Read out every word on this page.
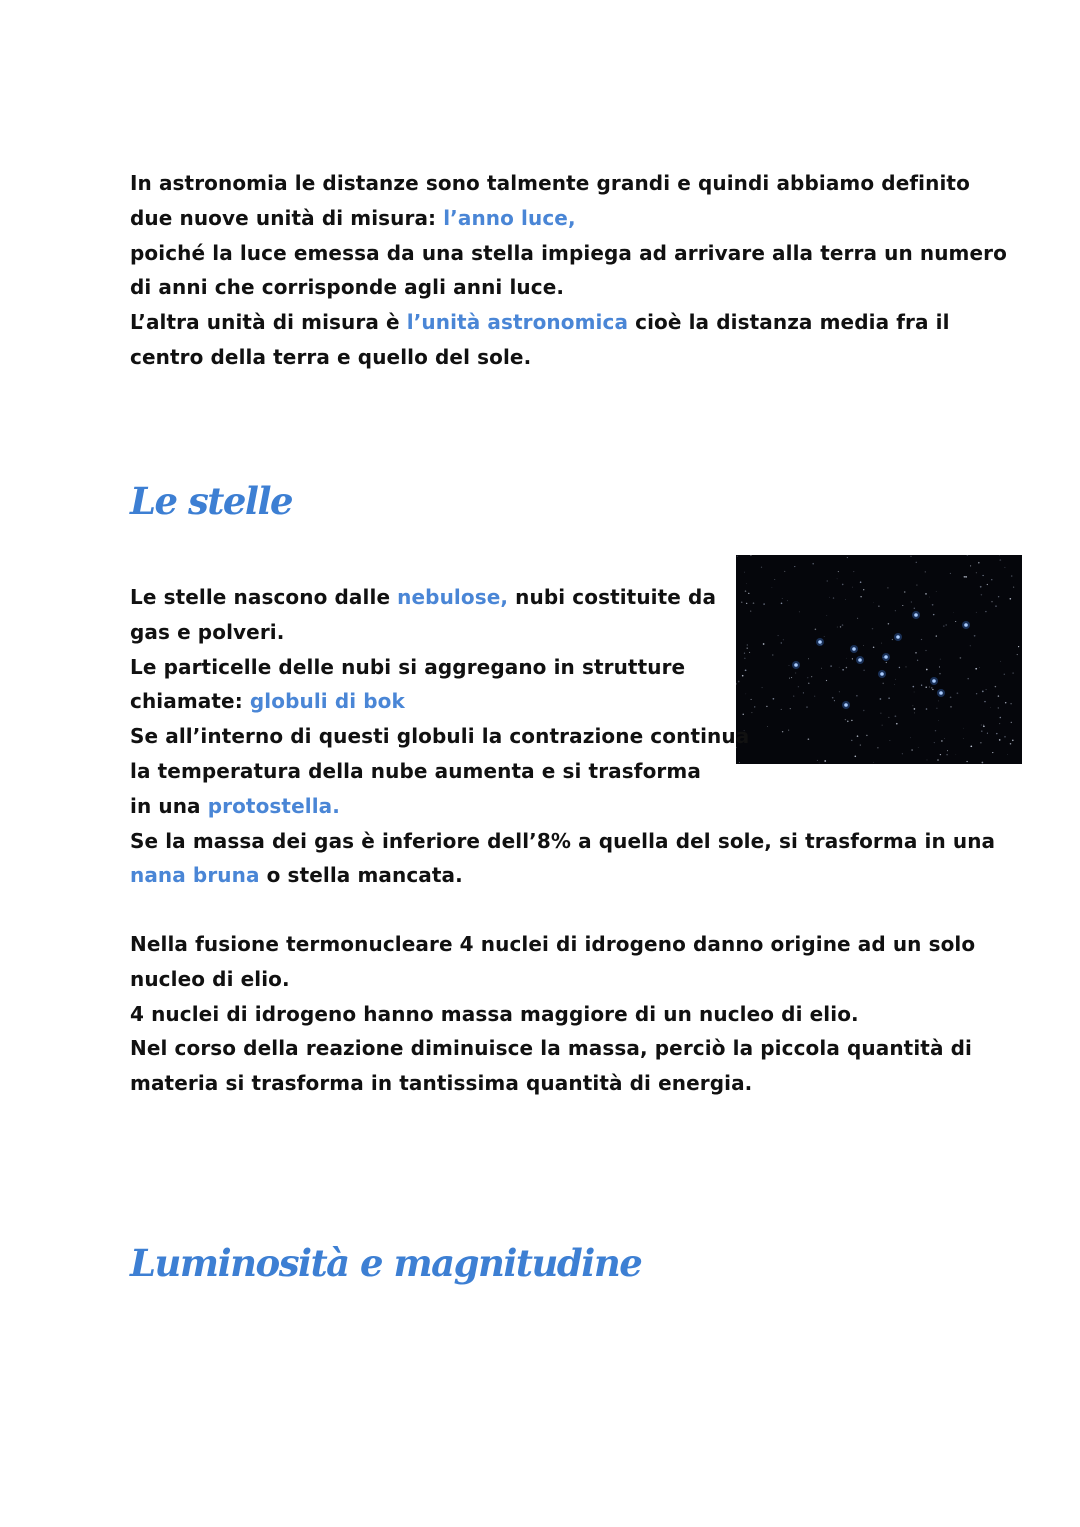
In astronomia le distanze sono talmente grandi e quindi abbiamo definito
due nuove unità di misura: l’anno luce,
poiché la luce emessa da una stella impiega ad arrivare alla terra un numero
di anni che corrisponde agli anni luce.
L’altra unità di misura è l’unità astronomica cioè la distanza media fra il
centro della terra e quello del sole.
Le stelle
Le stelle nascono dalle nebulose, nubi costituite da
gas e polveri.
Le particelle delle nubi si aggregano in strutture
chiamate: globuli di bok
Se all’interno di questi globuli la contrazione continua
la temperatura della nube aumenta e si trasforma
in una protostella.
Se la massa dei gas è inferiore dell’8% a quella del sole, si trasforma in una
nana bruna o stella mancata.
Nella fusione termonucleare 4 nuclei di idrogeno danno origine ad un solo
nucleo di elio.
4 nuclei di idrogeno hanno massa maggiore di un nucleo di elio.
Nel corso della reazione diminuisce la massa, perciò la piccola quantità di
materia si trasforma in tantissima quantità di energia.
Luminosità e magnitudine
